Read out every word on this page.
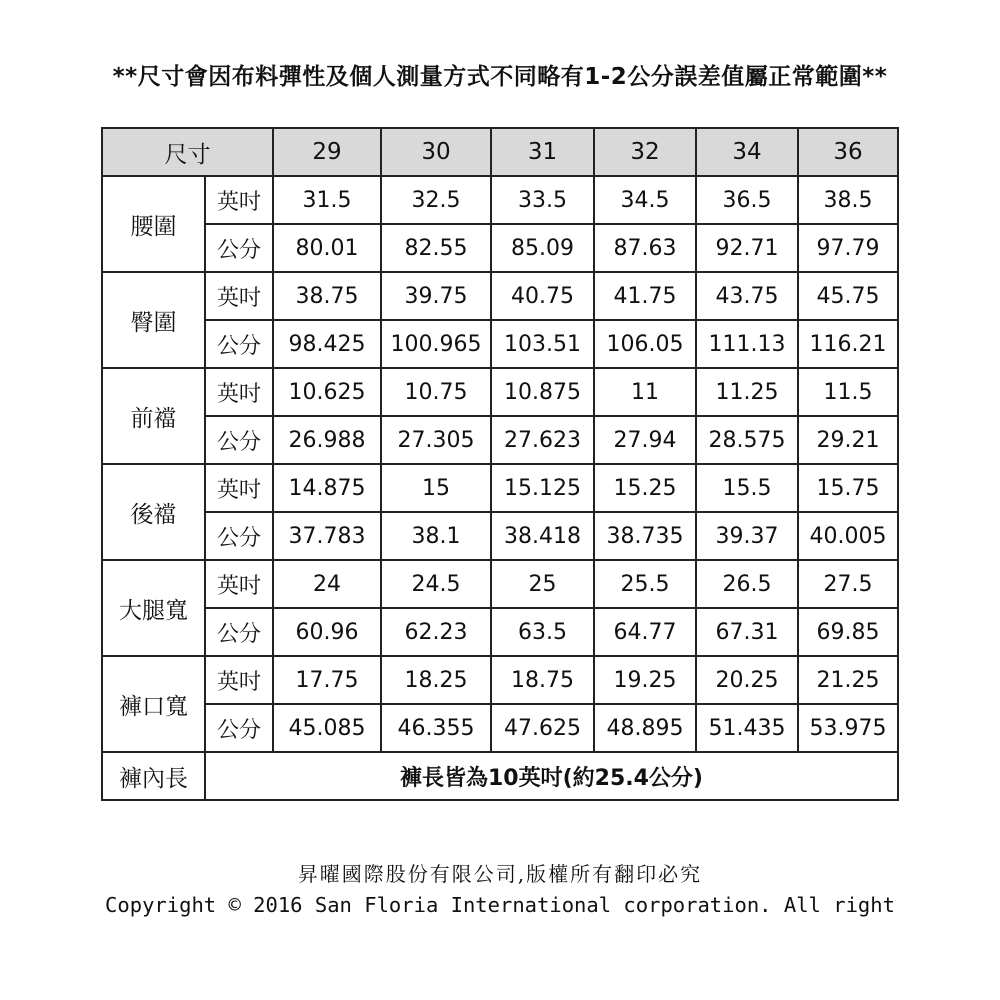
**尺寸會因布料彈性及個人測量方式不同略有1-2公分誤差值屬正常範圍**
尺寸		29	30	31	32	34	36
腰圍	英吋	31.5	32.5	33.5	34.5	36.5	38.5
	公分	80.01	82.55	85.09	87.63	92.71	97.79
臀圍	英吋	38.75	39.75	40.75	41.75	43.75	45.75
	公分	98.425	100.965	103.51	106.05	111.13	116.21
前襠	英吋	10.625	10.75	10.875	11	11.25	11.5
	公分	26.988	27.305	27.623	27.94	28.575	29.21
後襠	英吋	14.875	15	15.125	15.25	15.5	15.75
	公分	37.783	38.1	38.418	38.735	39.37	40.005
大腿寬	英吋	24	24.5	25	25.5	26.5	27.5
	公分	60.96	62.23	63.5	64.77	67.31	69.85
褲口寬	英吋	17.75	18.25	18.75	19.25	20.25	21.25
	公分	45.085	46.355	47.625	48.895	51.435	53.975
褲內長	褲長皆為10英吋(約25.4公分)						
昇曜國際股份有限公司,版權所有翻印必究
Copyright © 2016 San Floria International corporation. All right
